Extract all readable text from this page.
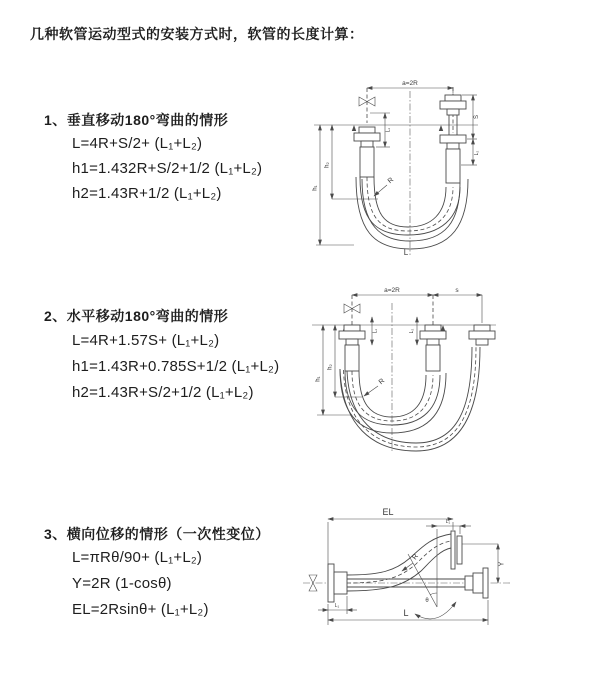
几种软管运动型式的安装方式时，软管的长度计算：
1、垂直移动180°弯曲的情形
L=4R+S/2+ (L₁+L₂)
h1=1.432R+S/2+1/2 (L₁+L₂)
h2=1.43R+1/2 (L₁+L₂)
2、水平移动180°弯曲的情形
L=4R+1.57S+ (L₁+L₂)
h1=1.43R+0.785S+1/2 (L₁+L₂)
h2=1.43R+S/2+1/2 (L₁+L₂)
3、横向位移的情形（一次性变位）
L=πRθ/90+ (L₁+L₂)
Y=2R (1-cosθ)
EL=2Rsinθ+ (L₁+L₂)
a=2R
h₁
h₂
L₁
S
L₂
R
L
a=2R	s
h₁
h₂
L₁	L₂
R
EL
L₁
Y
θ
R
L₁
L
